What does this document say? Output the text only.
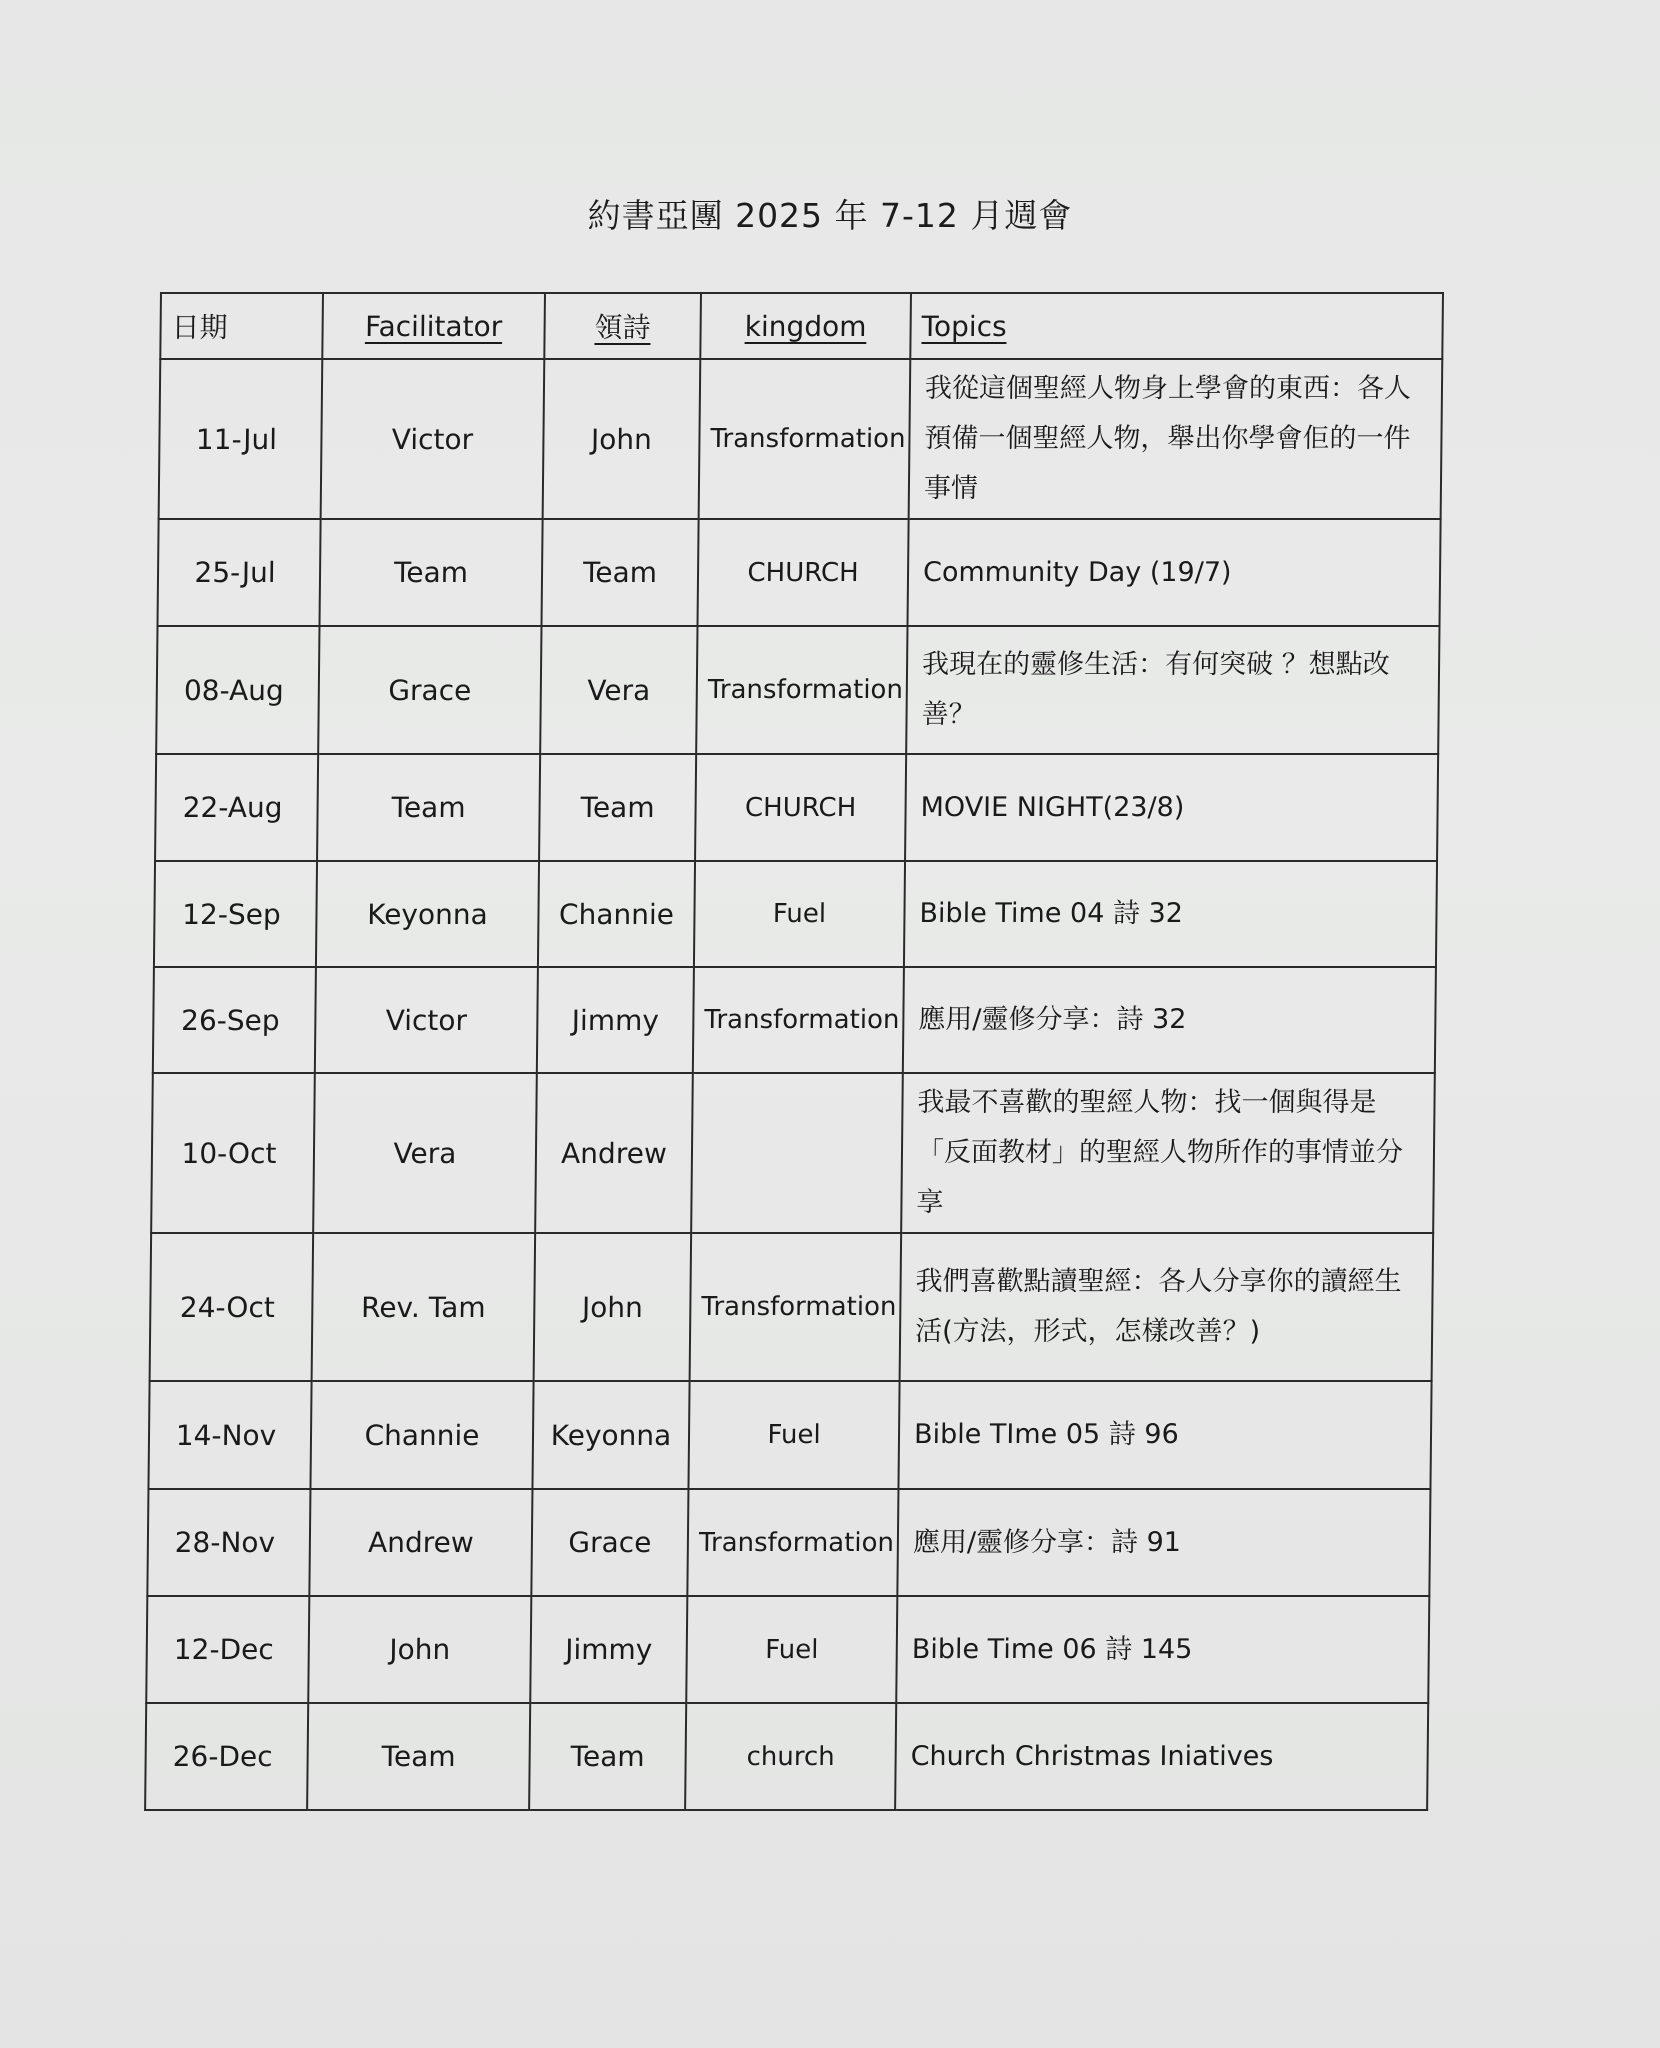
約書亞團 2025 年 7-12 月週會
日期	Facilitator	領詩	kingdom	Topics
11-Jul	Victor	John	Transformation	我從這個聖經人物身上學會的東西：各人預備一個聖經人物，舉出你學會佢的一件事情
25-Jul	Team	Team	CHURCH	Community Day (19/7)
08-Aug	Grace	Vera	Transformation	我現在的靈修生活：有何突破 ？想點改善？
22-Aug	Team	Team	CHURCH	MOVIE NIGHT(23/8)
12-Sep	Keyonna	Channie	Fuel	Bible Time 04 詩 32
26-Sep	Victor	Jimmy	Transformation	應用/靈修分享：詩 32
10-Oct	Vera	Andrew		我最不喜歡的聖經人物：找一個與得是「反面教材」的聖經人物所作的事情並分享
24-Oct	Rev. Tam	John	Transformation	我們喜歡點讀聖經：各人分享你的讀經生活(方法，形式，怎樣改善？)
14-Nov	Channie	Keyonna	Fuel	Bible TIme 05 詩 96
28-Nov	Andrew	Grace	Transformation	應用/靈修分享：詩 91
12-Dec	John	Jimmy	Fuel	Bible Time 06 詩 145
26-Dec	Team	Team	church	Church Christmas Iniatives
